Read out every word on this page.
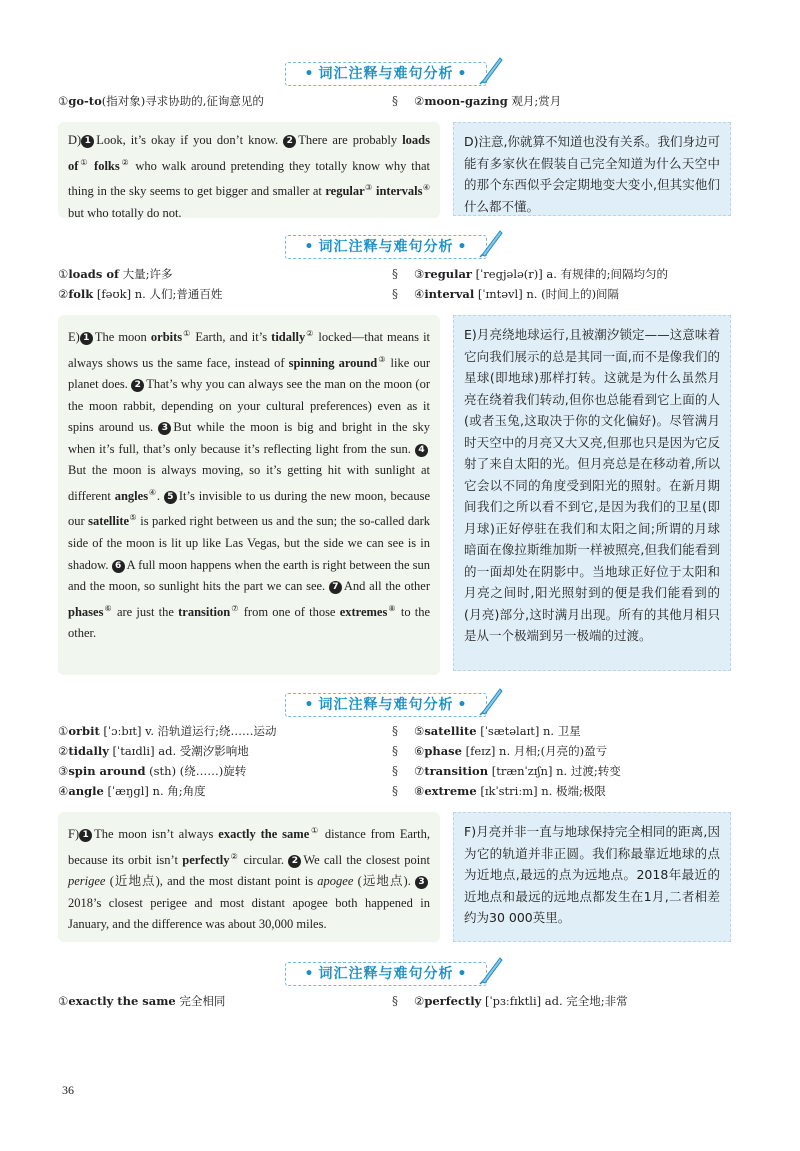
• 词汇注释与难句分析 •
①go-to(指对象)寻求协助的,征询意见的	§ ②moon-gazing 观月;赏月
D) 1 Look, it’s okay if you don’t know. 2 There are probably loads of① folks② who walk around pretending they totally know why that thing in the sky seems to get bigger and smaller at regular③ intervals④ but who totally do not.
D)注意,你就算不知道也没有关系。我们身边可能有多家伙在假装自己完全知道为什么天空中的那个东西似乎会定期地变大变小,但其实他们什么都不懂。
• 词汇注释与难句分析 •
①loads of 大量;许多
②folk [fəʊk] n. 人们;普通百姓
§
§
③regular [ˈregjələ(r)] a. 有规律的;间隔均匀的
④interval [ˈɪntəvl] n. (时间上的)间隔
E) 1 The moon orbits① Earth, and it’s tidally② locked—that means it always shows us the same face, instead of spinning around③ like our planet does. 2 That’s why you can always see the man on the moon (or the moon rabbit, depending on your cultural preferences) even as it spins around us. 3 But while the moon is big and bright in the sky when it’s full, that’s only because it’s reflecting light from the sun. 4But the moon is always moving, so it’s getting hit with sunlight at different angles④. 5 It’s invisible to us during the new moon, because our satellite⑤ is parked right between us and the sun; the so-called dark side of the moon is lit up like Las Vegas, but the side we can see is in shadow. 6 A full moon happens when the earth is right between the sun and the moon, so sunlight hits the part we can see. 7 And all the other phases⑥ are just the transition⑦ from one of those extremes⑧ to the other.
E)月亮绕地球运行,且被潮汐锁定——这意味着它向我们展示的总是其同一面,而不是像我们的星球(即地球)那样打转。这就是为什么虽然月亮在绕着我们转动,但你也总能看到它上面的人(或者玉兔,这取决于你的文化偏好)。尽管满月时天空中的月亮又大又亮,但那也只是因为它反射了来自太阳的光。但月亮总是在移动着,所以它会以不同的角度受到阳光的照射。在新月期间我们之所以看不到它,是因为我们的卫星(即月球)正好停驻在我们和太阳之间;所谓的月球暗面在像拉斯维加斯一样被照亮,但我们能看到的一面却处在阴影中。当地球正好位于太阳和月亮之间时,阳光照射到的便是我们能看到的(月亮)部分,这时满月出现。所有的其他月相只是从一个极端到另一极端的过渡。
• 词汇注释与难句分析 •
①orbit [ˈɔːbɪt] v. 沿轨道运行;绕……运动
②tidally [ˈtaɪdli] ad. 受潮汐影响地
③spin around (sth) (绕……)旋转
④angle [ˈæŋgl] n. 角;角度
§
§
§
§
⑤satellite [ˈsætəlaɪt] n. 卫星
⑥phase [feɪz] n. 月相;(月亮的)盈亏
⑦transition [trænˈzɪʃn] n. 过渡;转变
⑧extreme [ɪkˈstriːm] n. 极端;极限
F) 1 The moon isn’t always exactly the same① distance from Earth, because its orbit isn’t perfectly② circular. 2 We call the closest point perigee (近地点), and the most distant point is apogee (远地点). 32018’s closest perigee and most distant apogee both happened in January, and the difference was about 30,000 miles.
F)月亮并非一直与地球保持完全相同的距离,因为它的轨道并非正圆。我们称最靠近地球的点为近地点,最远的点为远地点。2018年最近的近地点和最远的远地点都发生在1月,二者相差约为30 000英里。
• 词汇注释与难句分析 •
①exactly the same 完全相同	§ ②perfectly [ˈpɜːfɪktli] ad. 完全地;非常
36
